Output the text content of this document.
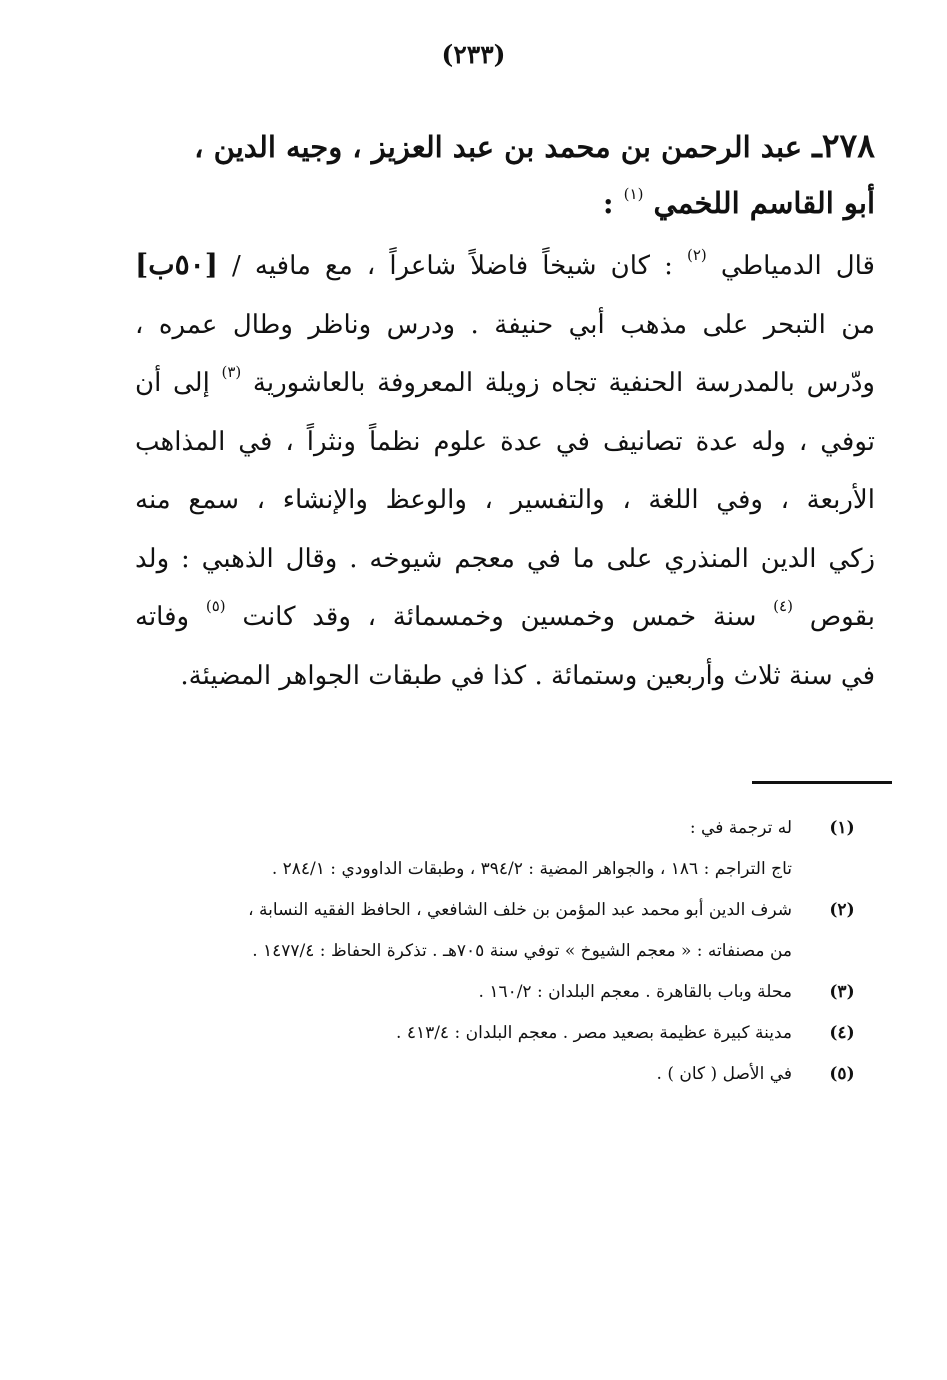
(٢٣٣)
٢٧٨ـ عبد الرحمن بن محمد بن عبد العزيز ، وجيه الدين ،
أبو القاسم اللخمي $^{(١)}$ :
قال الدمياطي $^{(٢)}$ : كان شيخاً فاضلاً شاعراً ، مع مافيه / [٥٠ب]
من التبحر على مذهب أبي حنيفة . ودرس وناظر وطال عمره ،
ودّرس بالمدرسة الحنفية تجاه زويلة المعروفة بالعاشورية $^{(٣)}$ إلى أن
توفي ، وله عدة تصانيف في عدة علوم نظماً ونثراً ، في المذاهب
الأربعة ، وفي اللغة ، والتفسير ، والوعظ والإنشاء ، سمع منه
زكي الدين المنذري على ما في معجم شيوخه . وقال الذهبي : ولد
بقوص $^{(٤)}$ سنة خمس وخمسين وخمسمائة ، وقد كانت $^{(٥)}$ وفاته
في سنة ثلاث وأربعين وستمائة . كذا في طبقات الجواهر المضيئة.
(١)
له ترجمة في :
تاج التراجم : ١٨٦ ، والجواهر المضية : ٣٩٤/٢ ، وطبقات الداوودي : ٢٨٤/١ .
(٢)
شرف الدين أبو محمد عبد المؤمن بن خلف الشافعي ، الحافظ الفقيه النسابة ،
من مصنفاته : « معجم الشيوخ » توفي سنة ٧٠٥هـ . تذكرة الحفاظ : ١٤٧٧/٤ .
(٣)
محلة وباب بالقاهرة . معجم البلدان : ١٦٠/٢ .
(٤)
مدينة كبيرة عظيمة بصعيد مصر . معجم البلدان : ٤١٣/٤ .
(٥)
في الأصل ( كان ) .
